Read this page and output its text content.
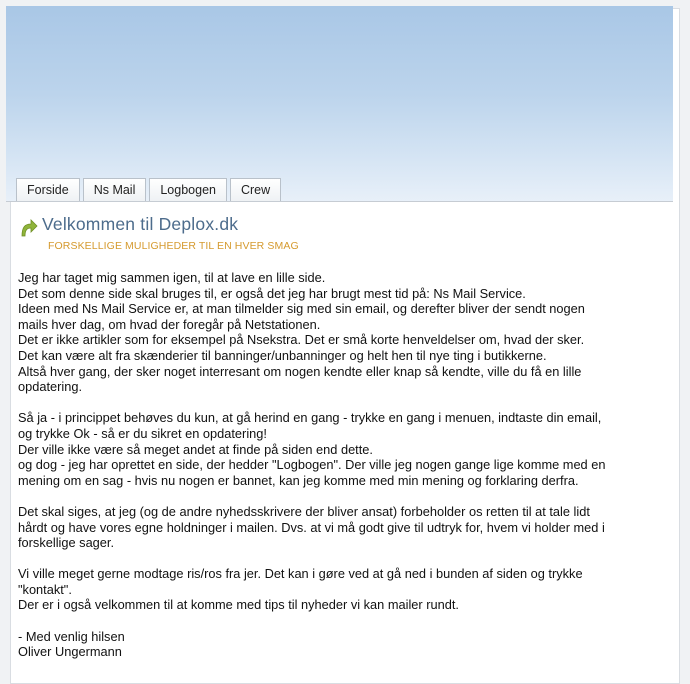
Forside	Ns Mail	Logbogen	Crew
Velkommen til Deplox.dk
FORSKELLIGE MULIGHEDER TIL EN HVER SMAG

Jeg har taget mig sammen igen, til at lave en lille side.
Det som denne side skal bruges til, er også det jeg har brugt mest tid på: Ns Mail Service.
Ideen med Ns Mail Service er, at man tilmelder sig med sin email, og derefter bliver der sendt nogen
mails hver dag, om hvad der foregår på Netstationen.
Det er ikke artikler som for eksempel på Nsekstra. Det er små korte henveldelser om, hvad der sker.
Det kan være alt fra skænderier til banninger/unbanninger og helt hen til nye ting i butikkerne.
Altså hver gang, der sker noget interresant om nogen kendte eller knap så kendte, ville du få en lille
opdatering.

Så ja - i princippet behøves du kun, at gå herind en gang - trykke en gang i menuen, indtaste din email,
og trykke Ok - så er du sikret en opdatering!
Der ville ikke være så meget andet at finde på siden end dette.
og dog - jeg har oprettet en side, der hedder "Logbogen". Der ville jeg nogen gange lige komme med en
mening om en sag - hvis nu nogen er bannet, kan jeg komme med min mening og forklaring derfra.

Det skal siges, at jeg (og de andre nyhedsskrivere der bliver ansat) forbeholder os retten til at tale lidt
hårdt og have vores egne holdninger i mailen. Dvs. at vi må godt give til udtryk for, hvem vi holder med i
forskellige sager.

Vi ville meget gerne modtage ris/ros fra jer. Det kan i gøre ved at gå ned i bunden af siden og trykke
"kontakt".
Der er i også velkommen til at komme med tips til nyheder vi kan mailer rundt.

- Med venlig hilsen
Oliver Ungermann
